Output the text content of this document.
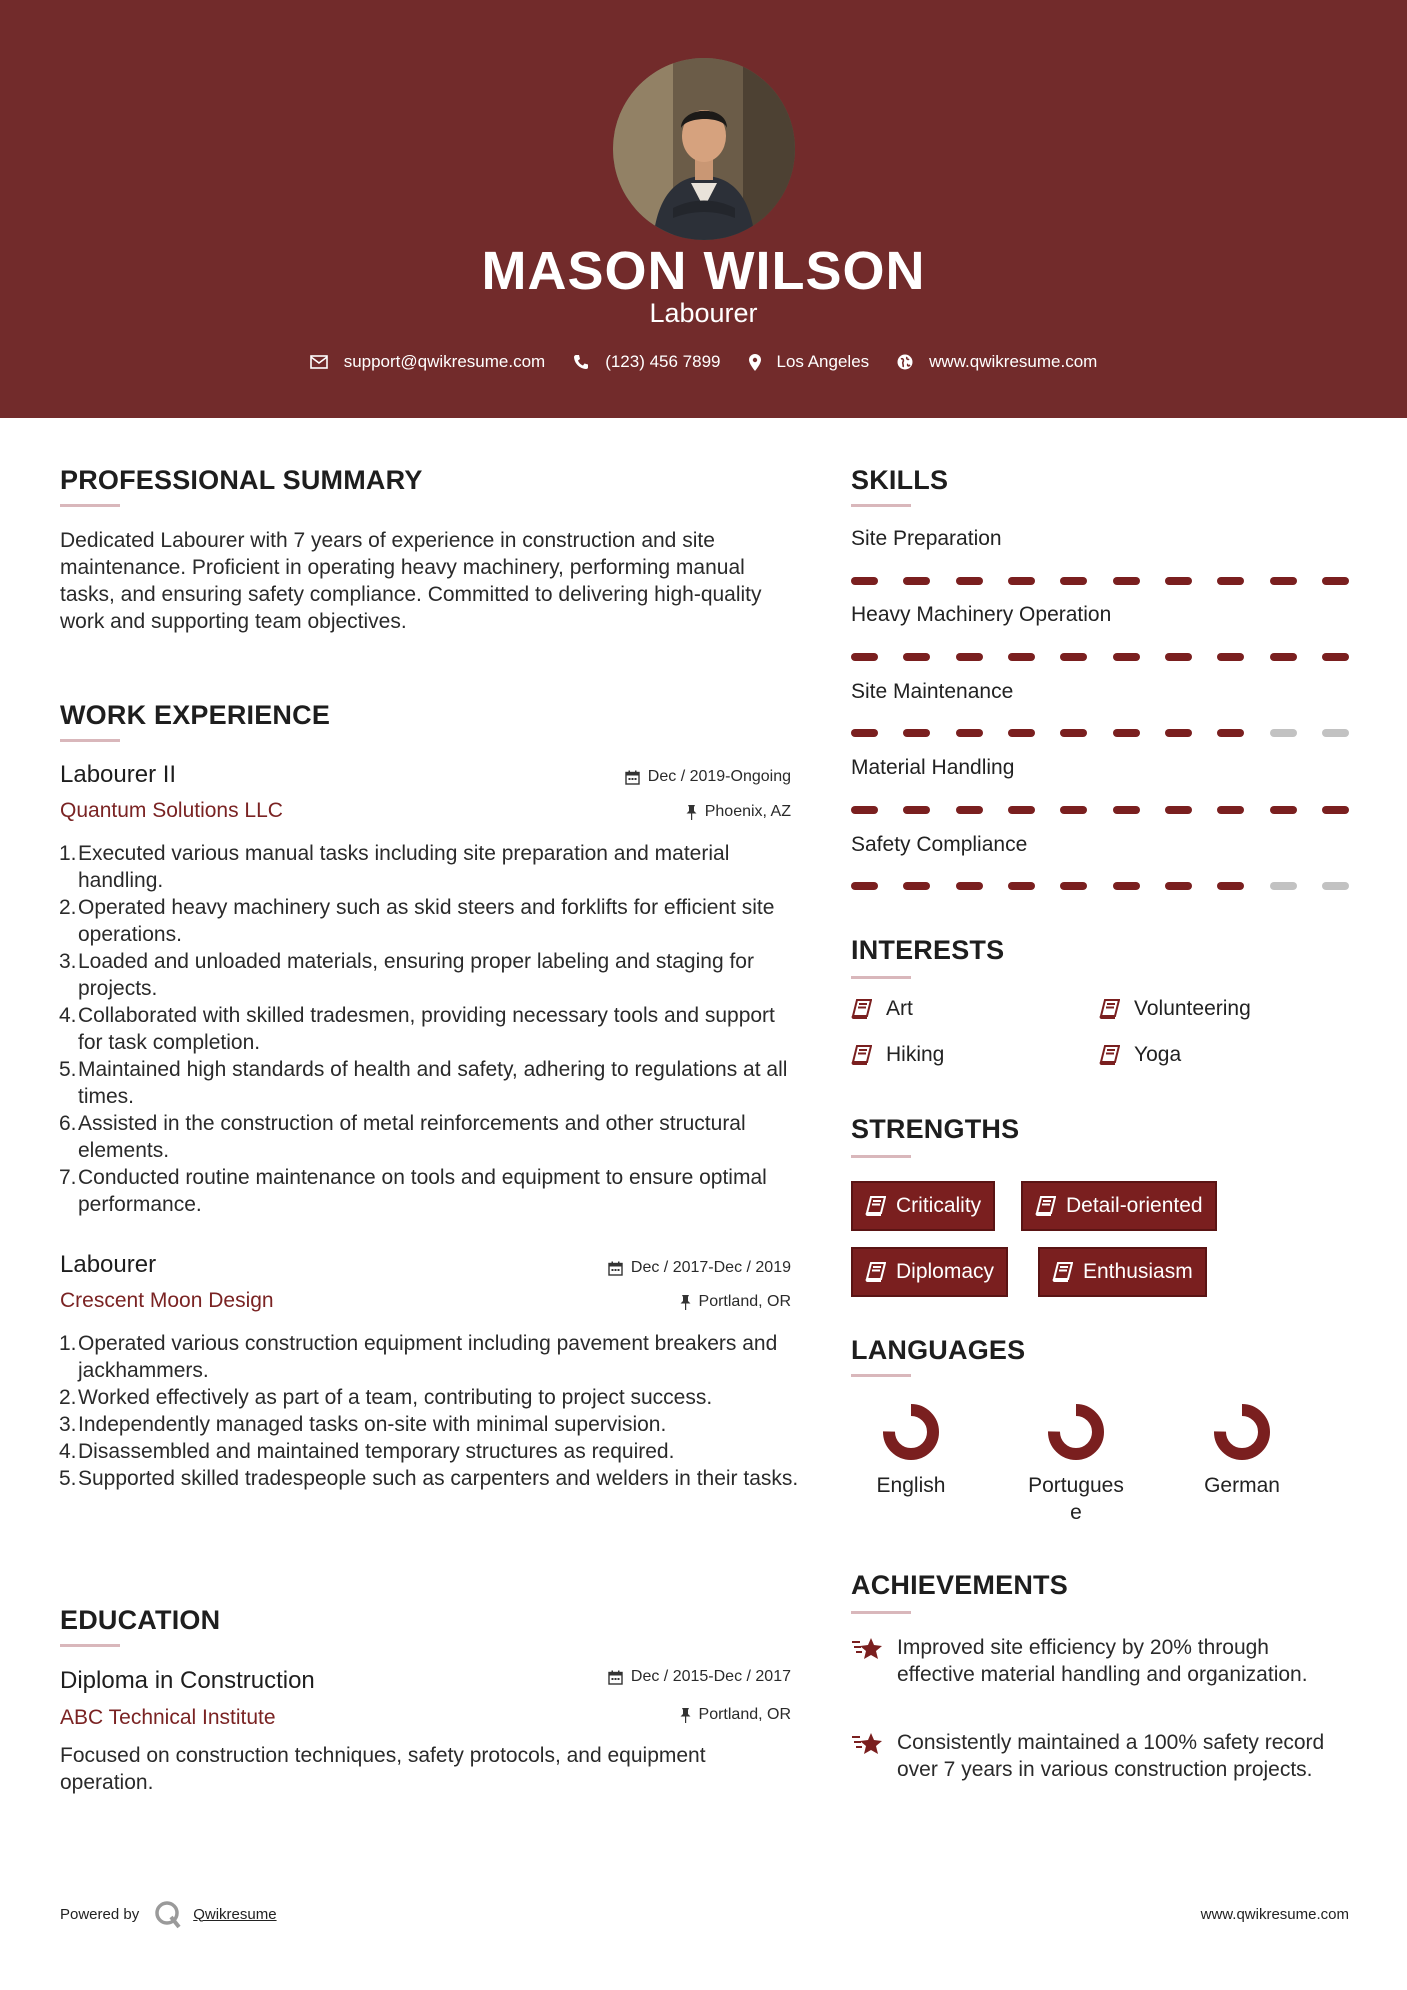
MASON WILSON
Labourer
support@qwikresume.com	(123) 456 7899	Los Angeles	www.qwikresume.com
PROFESSIONAL SUMMARY
Dedicated Labourer with 7 years of experience in construction and site maintenance. Proficient in operating heavy machinery, performing manual tasks, and ensuring safety compliance. Committed to delivering high-quality work and supporting team objectives.
WORK EXPERIENCE
Labourer II	Dec / 2019-Ongoing
Quantum Solutions LLC	Phoenix, AZ
1. Executed various manual tasks including site preparation and material handling.
2. Operated heavy machinery such as skid steers and forklifts for efficient site operations.
3. Loaded and unloaded materials, ensuring proper labeling and staging for projects.
4. Collaborated with skilled tradesmen, providing necessary tools and support for task completion.
5. Maintained high standards of health and safety, adhering to regulations at all times.
6. Assisted in the construction of metal reinforcements and other structural elements.
7. Conducted routine maintenance on tools and equipment to ensure optimal performance.
Labourer	Dec / 2017-Dec / 2019
Crescent Moon Design	Portland, OR
1. Operated various construction equipment including pavement breakers and jackhammers.
2. Worked effectively as part of a team, contributing to project success.
3. Independently managed tasks on-site with minimal supervision.
4. Disassembled and maintained temporary structures as required.
5. Supported skilled tradespeople such as carpenters and welders in their tasks.
EDUCATION
Diploma in Construction	Dec / 2015-Dec / 2017
ABC Technical Institute	Portland, OR
Focused on construction techniques, safety protocols, and equipment operation.
SKILLS
Site Preparation
Heavy Machinery Operation
Site Maintenance
Material Handling
Safety Compliance
INTERESTS
Art	Volunteering
Hiking	Yoga
STRENGTHS
Criticality	Detail-oriented
Diplomacy	Enthusiasm
LANGUAGES
English	Portugues
e
German
ACHIEVEMENTS
Improved site efficiency by 20% through effective material handling and organization.
Consistently maintained a 100% safety record over 7 years in various construction projects.
Powered by	Qwikresume	www.qwikresume.com
